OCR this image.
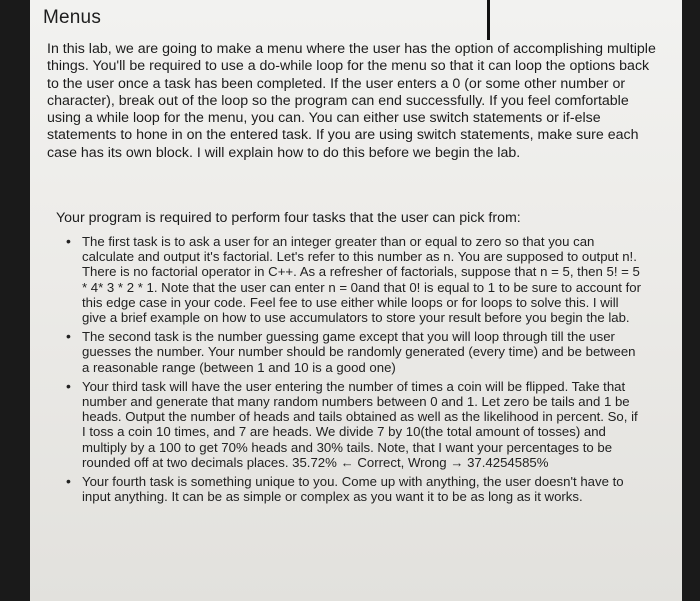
Menus

In this lab, we are going to make a menu where the user has the option of accomplishing multiple things. You'll be required to use a do-while loop for the menu so that it can loop the options back to the user once a task has been completed. If the user enters a 0 (or some other number or character), break out of the loop so the program can end successfully. If you feel comfortable using a while loop for the menu, you can. You can either use switch statements or if-else statements to hone in on the entered task. If you are using switch statements, make sure each case has its own block. I will explain how to do this before we begin the lab.

Your program is required to perform four tasks that the user can pick from:
• The first task is to ask a user for an integer greater than or equal to zero so that you can calculate and output it's factorial. Let's refer to this number as n. You are supposed to output n!. There is no factorial operator in C++. As a refresher of factorials, suppose that n = 5, then 5! = 5 * 4* 3 * 2 * 1. Note that the user can enter n = 0and that 0! is equal to 1 to be sure to account for this edge case in your code. Feel fee to use either while loops or for loops to solve this. I will give a brief example on how to use accumulators to store your result before you begin the lab.
• The second task is the number guessing game except that you will loop through till the user guesses the number. Your number should be randomly generated (every time) and be between a reasonable range (between 1 and 10 is a good one)
• Your third task will have the user entering the number of times a coin will be flipped. Take that number and generate that many random numbers between 0 and 1. Let zero be tails and 1 be heads. Output the number of heads and tails obtained as well as the likelihood in percent. So, if I toss a coin 10 times, and 7 are heads. We divide 7 by 10(the total amount of tosses) and multiply by a 100 to get 70% heads and 30% tails. Note, that I want your percentages to be rounded off at two decimals places. 35.72% ← Correct, Wrong → 37.4254585%
• Your fourth task is something unique to you. Come up with anything, the user doesn't have to input anything. It can be as simple or complex as you want it to be as long as it works.
